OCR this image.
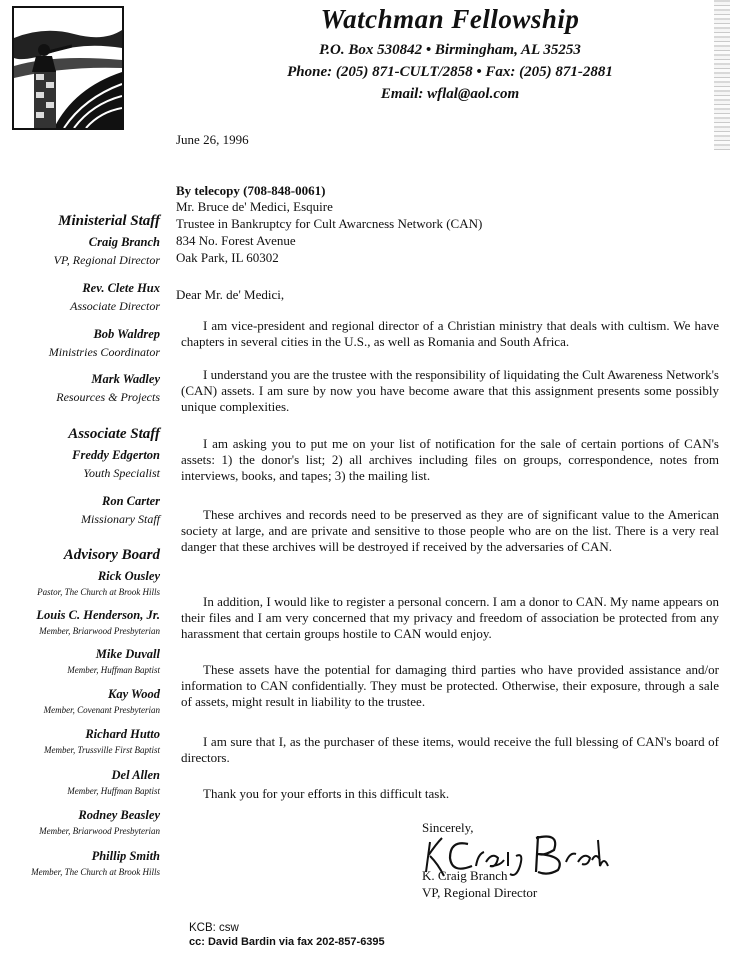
Watchman Fellowship
P.O. Box 530842 • Birmingham, AL 35253
Phone: (205) 871-CULT/2858 • Fax: (205) 871-2881
Email: wflal@aol.com
Ministerial Staff
Craig Branch
VP, Regional Director
Rev. Clete Hux
Associate Director
Bob Waldrep
Ministries Coordinator
Mark Wadley
Resources & Projects
Associate Staff
Freddy Edgerton
Youth Specialist
Ron Carter
Missionary Staff
Advisory Board
Rick Ousley
Pastor, The Church at Brook Hills
Louis C. Henderson, Jr.
Member, Briarwood Presbyterian
Mike Duvall
Member, Huffman Baptist
Kay Wood
Member, Covenant Presbyterian
Richard Hutto
Member, Trussville First Baptist
Del Allen
Member, Huffman Baptist
Rodney Beasley
Member, Briarwood Presbyterian
Phillip Smith
Member, The Church at Brook Hills
June 26, 1996
By telecopy (708-848-0061)
Mr. Bruce de' Medici, Esquire
Trustee in Bankruptcy for Cult Awarcness Network (CAN)
834 No. Forest Avenue
Oak Park, IL 60302
Dear Mr. de' Medici,
I am vice-president and regional director of a Christian ministry that deals with cultism. We have chapters in several cities in the U.S., as well as Romania and South Africa.
I understand you are the trustee with the responsibility of liquidating the Cult Awareness Network's (CAN) assets. I am sure by now you have become aware that this assignment presents some possibly unique complexities.
I am asking you to put me on your list of notification for the sale of certain portions of CAN's assets: 1) the donor's list; 2) all archives including files on groups, correspondence, notes from interviews, books, and tapes; 3) the mailing list.
These archives and records need to be preserved as they are of significant value to the American society at large, and are private and sensitive to those people who are on the list. There is a very real danger that these archives will be destroyed if received by the adversaries of CAN.
In addition, I would like to register a personal concern. I am a donor to CAN. My name appears on their files and I am very concerned that my privacy and freedom of association be protected from any harassment that certain groups hostile to CAN would enjoy.
These assets have the potential for damaging third parties who have provided assistance and/or information to CAN confidentially. They must be protected. Otherwise, their exposure, through a sale of assets, might result in liability to the trustee.
I am sure that I, as the purchaser of these items, would receive the full blessing of CAN's board of directors.
Thank you for your efforts in this difficult task.
Sincerely,
K. Craig Branch
VP, Regional Director
KCB: csw
cc: David Bardin via fax 202-857-6395
